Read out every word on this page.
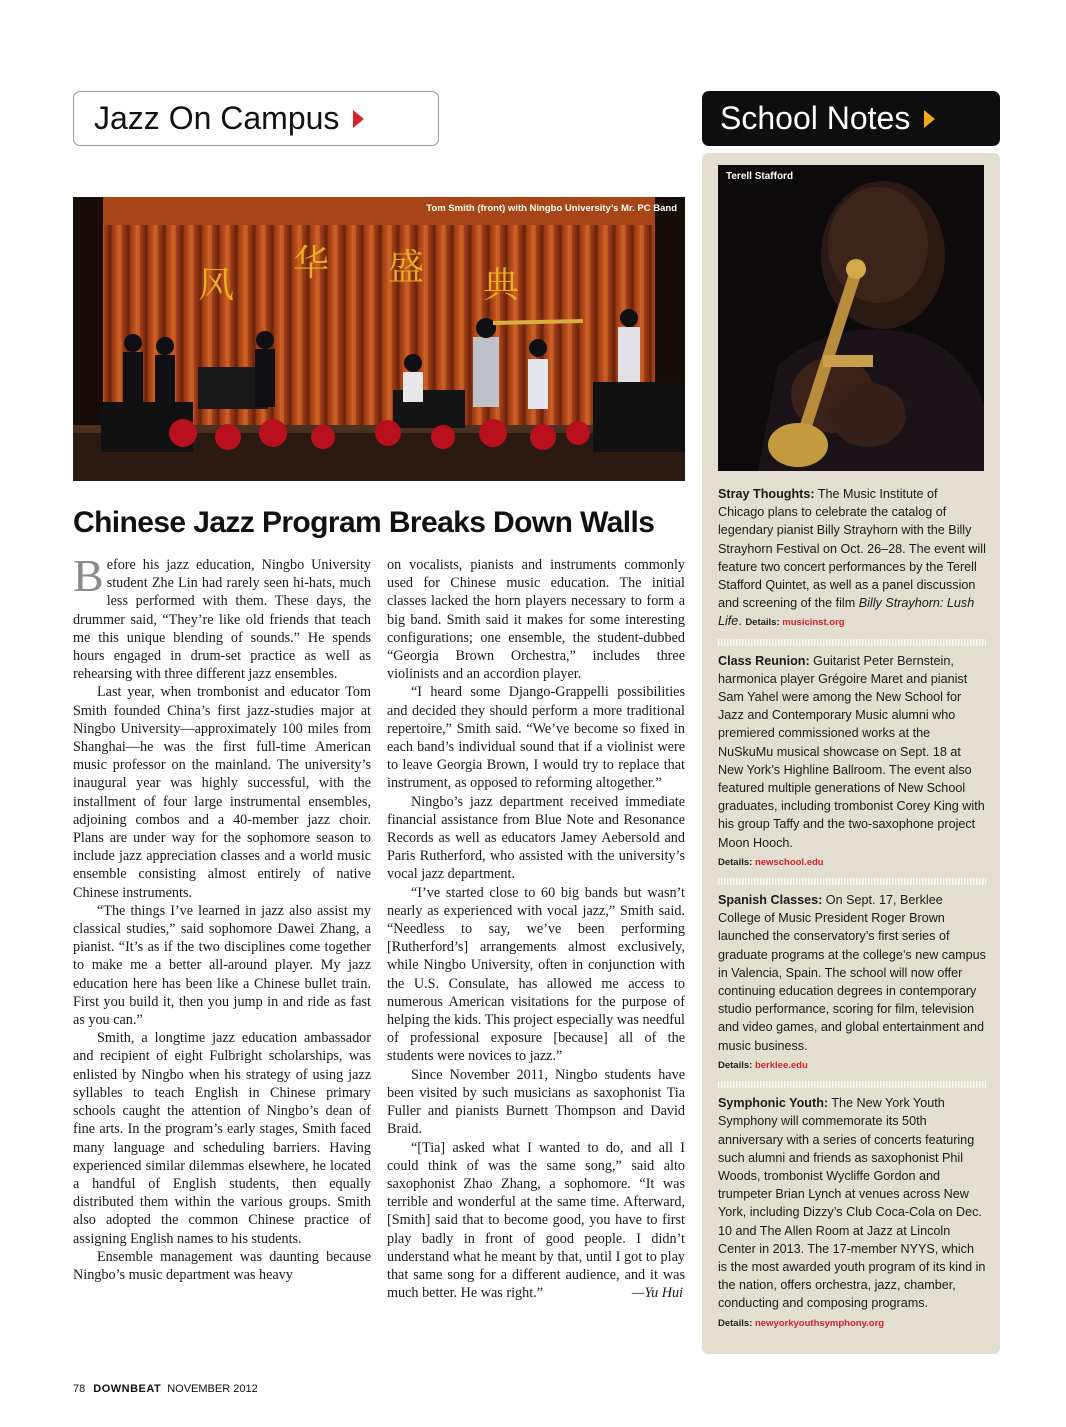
Jazz On Campus	School Notes
风
华 盛 典
Tom Smith (front) with Ningbo University’s Mr. PC Band
Chinese Jazz Program Breaks Down Walls

Before his jazz education, Ningbo University student Zhe Lin had rarely seen hi-hats, much less performed with them. These days, the drummer said, “They’re like old friends that teach me this unique blending of sounds.” He spends hours engaged in drum-set practice as well as rehearsing with three different jazz ensembles.

Last year, when trombonist and educator Tom Smith founded China’s first jazz-studies major at Ningbo University—approximately 100 miles from Shanghai—he was the first full-time American music professor on the mainland. The university’s inaugural year was highly successful, with the installment of four large instrumental ensembles, adjoining combos and a 40-member jazz choir. Plans are under way for the sophomore season to include jazz appreciation classes and a world music ensemble consisting almost entirely of native Chinese instruments.

“The things I’ve learned in jazz also assist my classical studies,” said sophomore Dawei Zhang, a pianist. “It’s as if the two disciplines come together to make me a better all-around player. My jazz education here has been like a Chinese bullet train. First you build it, then you jump in and ride as fast as you can.”

Smith, a longtime jazz education ambassador and recipient of eight Fulbright scholarships, was enlisted by Ningbo when his strategy of using jazz syllables to teach English in Chinese primary schools caught the attention of Ningbo’s dean of fine arts. In the program’s early stages, Smith faced many language and scheduling barriers. Having experienced similar dilemmas elsewhere, he located a handful of English students, then equally distributed them within the various groups. Smith also adopted the common Chinese practice of assigning English names to his students.

Ensemble management was daunting because Ningbo’s music department was heavy

on vocalists, pianists and instruments commonly used for Chinese music education. The initial classes lacked the horn players necessary to form a big band. Smith said it makes for some interesting configurations; one ensemble, the student-dubbed “Georgia Brown Orchestra,” includes three violinists and an accordion player.

“I heard some Django-Grappelli possibilities and decided they should perform a more traditional repertoire,” Smith said. “We’ve become so fixed in each band’s individual sound that if a violinist were to leave Georgia Brown, I would try to replace that instrument, as opposed to reforming altogether.”

Ningbo’s jazz department received immediate financial assistance from Blue Note and Resonance Records as well as educators Jamey Aebersold and Paris Rutherford, who assisted with the university’s vocal jazz department.

“I’ve started close to 60 big bands but wasn’t nearly as experienced with vocal jazz,” Smith said. “Needless to say, we’ve been performing [Rutherford’s] arrangements almost exclusively, while Ningbo University, often in conjunction with the U.S. Consulate, has allowed me access to numerous American visitations for the purpose of helping the kids. This project especially was needful of professional exposure [because] all of the students were novices to jazz.”

Since November 2011, Ningbo students have been visited by such musicians as saxophonist Tia Fuller and pianists Burnett Thompson and David Braid.

“[Tia] asked what I wanted to do, and all I could think of was the same song,” said alto saxophonist Zhao Zhang, a sophomore. “It was terrible and wonderful at the same time. Afterward, [Smith] said that to become good, you have to first play badly in front of good people. I didn’t understand what he meant by that, until I got to play that same song for a different audience, and it was much better. He was right.”	—Yu Hui

Terell Stafford

Stray Thoughts: The Music Institute of Chicago plans to celebrate the catalog of legendary pianist Billy Strayhorn with the Billy Strayhorn Festival on Oct. 26–28. The event will feature two concert performances by the Terell Stafford Quintet, as well as a panel discussion and screening of the film Billy Strayhorn: Lush Life. Details: musicinst.org

Class Reunion: Guitarist Peter Bernstein, harmonica player Grégoire Maret and pianist Sam Yahel were among the New School for Jazz and Contemporary Music alumni who premiered commissioned works at the NuSkuMu musical showcase on Sept. 18 at New York’s Highline Ballroom. The event also featured multiple generations of New School graduates, including trombonist Corey King with his group Taffy and the two-saxophone project Moon Hooch.
Details: newschool.edu

Spanish Classes: On Sept. 17, Berklee College of Music President Roger Brown launched the conservatory’s first series of graduate programs at the college’s new campus in Valencia, Spain. The school will now offer continuing education degrees in contemporary studio performance, scoring for film, television and video games, and global entertainment and music business.
Details: berklee.edu

Symphonic Youth: The New York Youth Symphony will commemorate its 50th anniversary with a series of concerts featuring such alumni and friends as saxophonist Phil Woods, trombonist Wycliffe Gordon and trumpeter Brian Lynch at venues across New York, including Dizzy’s Club Coca-Cola on Dec. 10 and The Allen Room at Jazz at Lincoln Center in 2013. The 17-member NYYS, which is the most awarded youth program of its kind in the nation, offers orchestra, jazz, chamber, conducting and composing programs.
Details: newyorkyouthsymphony.org

78 DOWNBEAT NOVEMBER 2012
